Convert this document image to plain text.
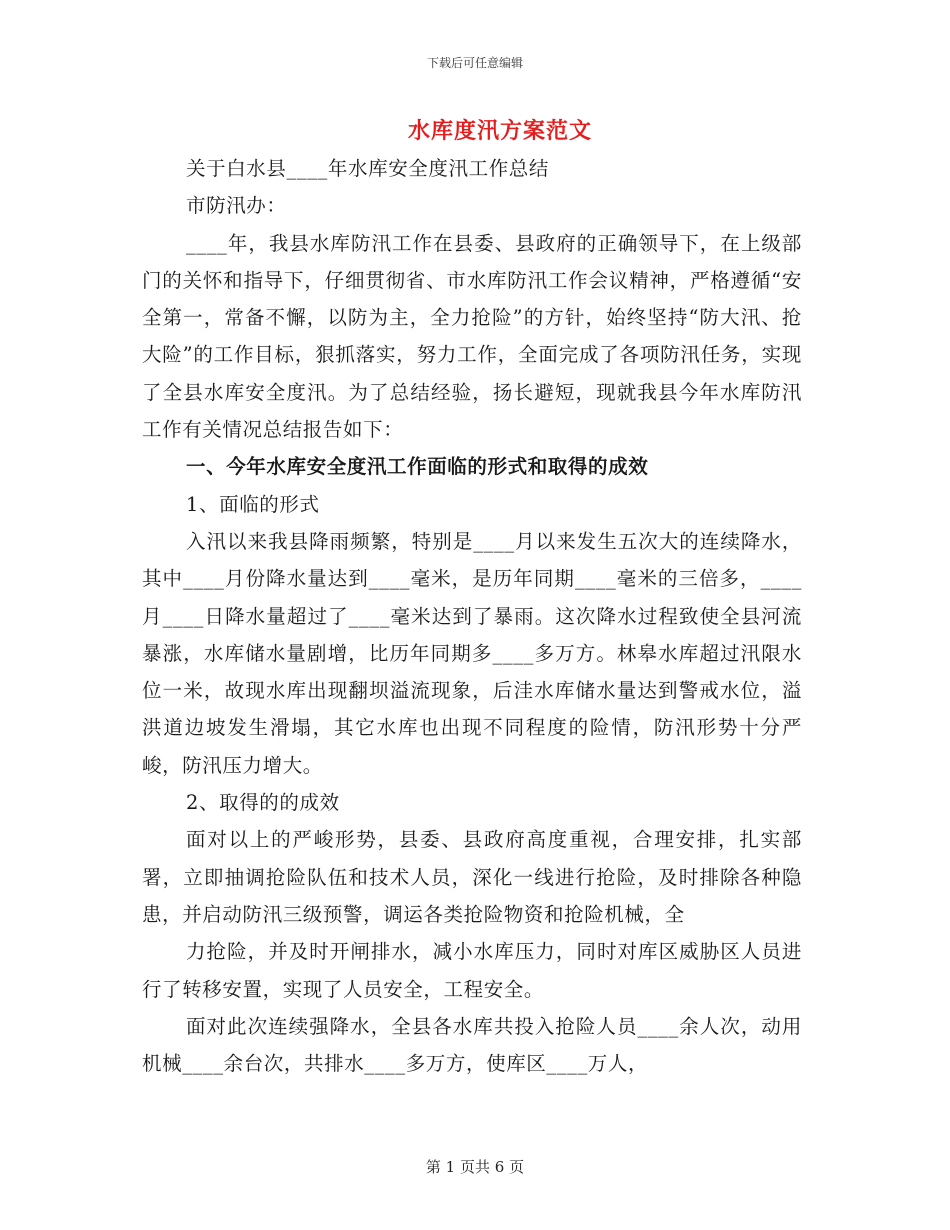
下载后可任意编辑
水库度汛方案范文

关于白水县____年水库安全度汛工作总结

市防汛办：

____年，我县水库防汛工作在县委、县政府的正确领导下，在上级部门的关怀和指导下，仔细贯彻省、市水库防汛工作会议精神，严格遵循“安全第一，常备不懈，以防为主，全力抢险”的方针，始终坚持“防大汛、抢大险”的工作目标，狠抓落实，努力工作，全面完成了各项防汛任务，实现了全县水库安全度汛。为了总结经验，扬长避短，现就我县今年水库防汛工作有关情况总结报告如下：

一、今年水库安全度汛工作面临的形式和取得的成效

1、面临的形式

入汛以来我县降雨频繁，特别是____月以来发生五次大的连续降水，其中____月份降水量达到____毫米，是历年同期____毫米的三倍多，____月____日降水量超过了____毫米达到了暴雨。这次降水过程致使全县河流暴涨，水库储水量剧增，比历年同期多____多万方。林皋水库超过汛限水位一米，故现水库出现翻坝溢流现象，后洼水库储水量达到警戒水位，溢洪道边坡发生滑塌，其它水库也出现不同程度的险情，防汛形势十分严峻，防汛压力增大。

2、取得的的成效

面对以上的严峻形势，县委、县政府高度重视，合理安排，扎实部署，立即抽调抢险队伍和技术人员，深化一线进行抢险，及时排除各种隐患，并启动防汛三级预警，调运各类抢险物资和抢险机械，全

力抢险，并及时开闸排水，减小水库压力，同时对库区威胁区人员进行了转移安置，实现了人员安全，工程安全。

面对此次连续强降水，全县各水库共投入抢险人员____余人次，动用机械____余台次，共排水____多万方，使库区____万人，

第 1 页共 6 页
